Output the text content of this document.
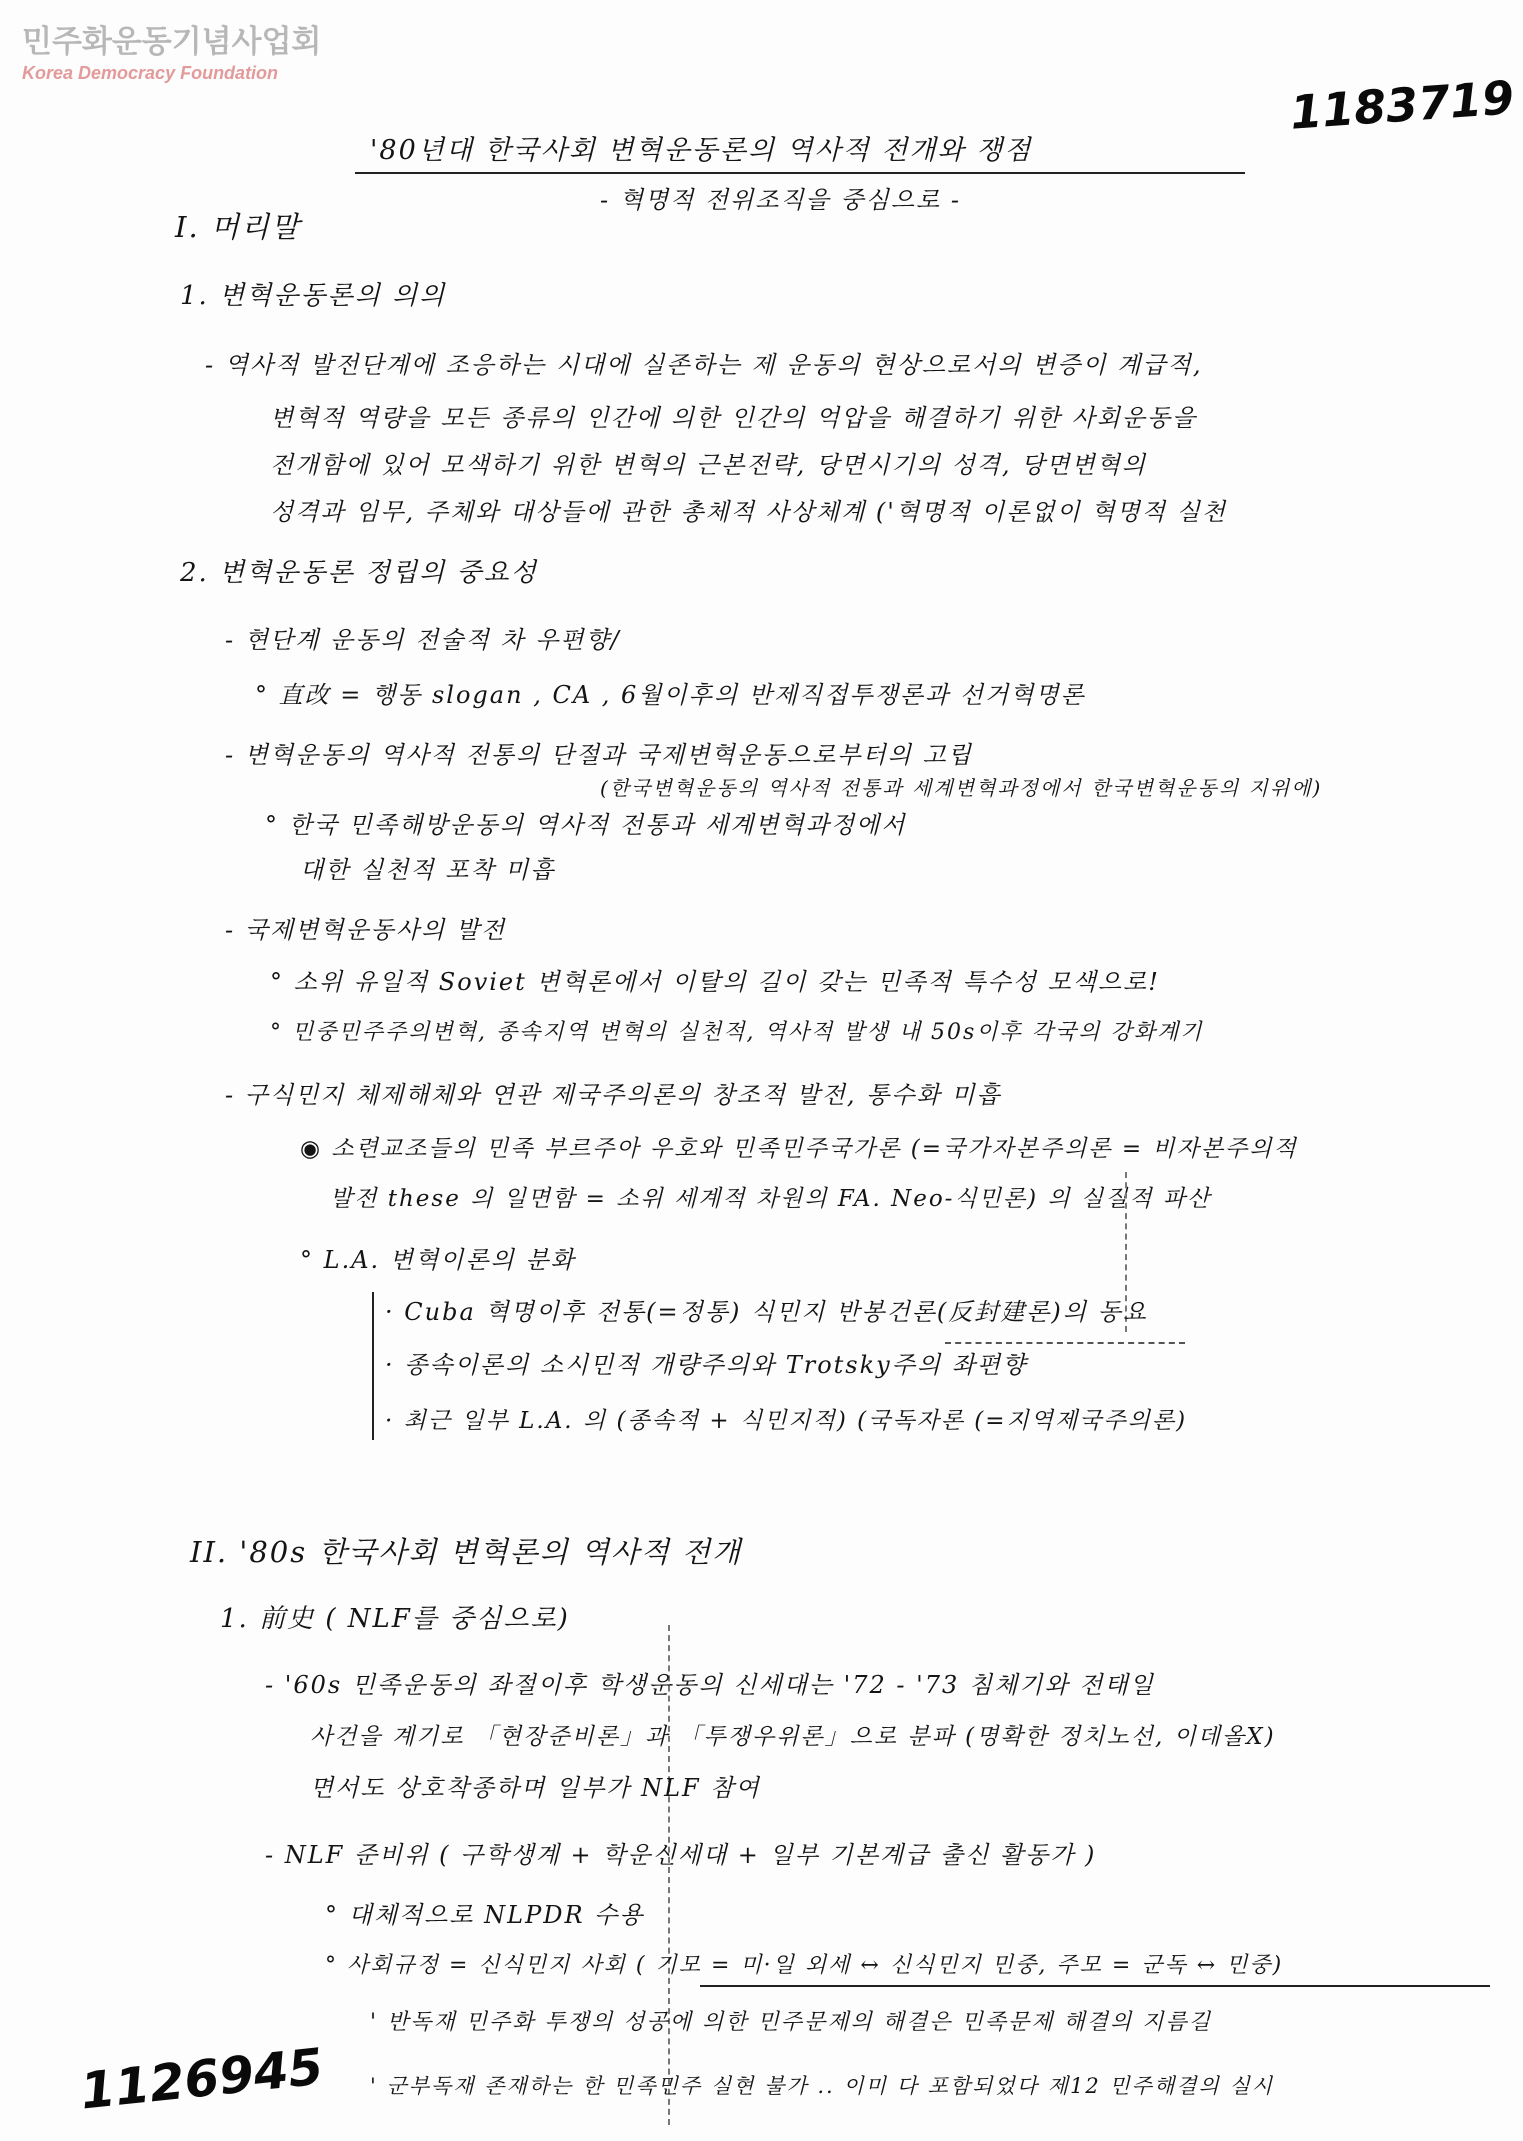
민주화운동기념사업회
Korea Democracy Foundation	1183719
'80년대 한국사회 변혁운동론의 역사적 전개와 쟁점
- 혁명적 전위조직을 중심으로 -
I. 머리말
1. 변혁운동론의 의의
- 역사적 발전단계에 조응하는 시대에 실존하는 제 운동의 현상으로서의 변증이 계급적,
변혁적 역량을 모든 종류의 인간에 의한 인간의 억압을 해결하기 위한 사회운동을
전개함에 있어 모색하기 위한 변혁의 근본전략, 당면시기의 성격, 당면변혁의
성격과 임무, 주체와 대상들에 관한 총체적 사상체계 ('혁명적 이론없이 혁명적 실천
2. 변혁운동론 정립의 중요성
- 현단계 운동의 전술적 차 우편향/
° 直改 = 행동 slogan , CA , 6월이후의 반제직접투쟁론과 선거혁명론
- 변혁운동의 역사적 전통의 단절과 국제변혁운동으로부터의 고립
(한국변혁운동의 역사적 전통과 세계변혁과정에서 한국변혁운동의 지위에)
° 한국 민족해방운동의 역사적 전통과 세계변혁과정에서
대한 실천적 포착 미흡
- 국제변혁운동사의 발전
° 소위 유일적 Soviet 변혁론에서 이탈의 길이 갖는 민족적 특수성 모색으로!
° 민중민주주의변혁, 종속지역 변혁의 실천적, 역사적 발생 내 50s이후 각국의 강화계기
- 구식민지 체제해체와 연관 제국주의론의 창조적 발전, 통수화 미흡
◉ 소련교조들의 민족 부르주아 우호와 민족민주국가론 (=국가자본주의론 = 비자본주의적
발전 these 의 일면함 = 소위 세계적 차원의 FA. Neo-식민론) 의 실질적 파산
° L.A. 변혁이론의 분화
· Cuba 혁명이후 전통(=정통) 식민지 반봉건론(反封建론)의 동요
· 종속이론의 소시민적 개량주의와 Trotsky주의 좌편향
· 최근 일부 L.A. 의 (종속적 + 식민지적) (국독자론 (=지역제국주의론)
II. '80s 한국사회 변혁론의 역사적 전개
1. 前史 ( NLF를 중심으로)
- '60s 민족운동의 좌절이후 학생운동의 신세대는 '72 - '73 침체기와 전태일
사건을 계기로 「현장준비론」과 「투쟁우위론」으로 분파 (명확한 정치노선, 이데올X)
면서도 상호착종하며 일부가 NLF 참여
- NLF 준비위 ( 구학생계 + 학운신세대 + 일부 기본계급 출신 활동가 )
° 대체적으로 NLPDR 수용
° 사회규정 = 신식민지 사회 ( 기모 = 미·일 외세 ↔ 신식민지 민중, 주모 = 군독 ↔ 민중)
' 반독재 민주화 투쟁의 성공에 의한 민주문제의 해결은 민족문제 해결의 지름길
' 군부독재 존재하는 한 민족민주 실현 불가 .. 이미 다 포함되었다 제12 민주해결의 실시
1126945
